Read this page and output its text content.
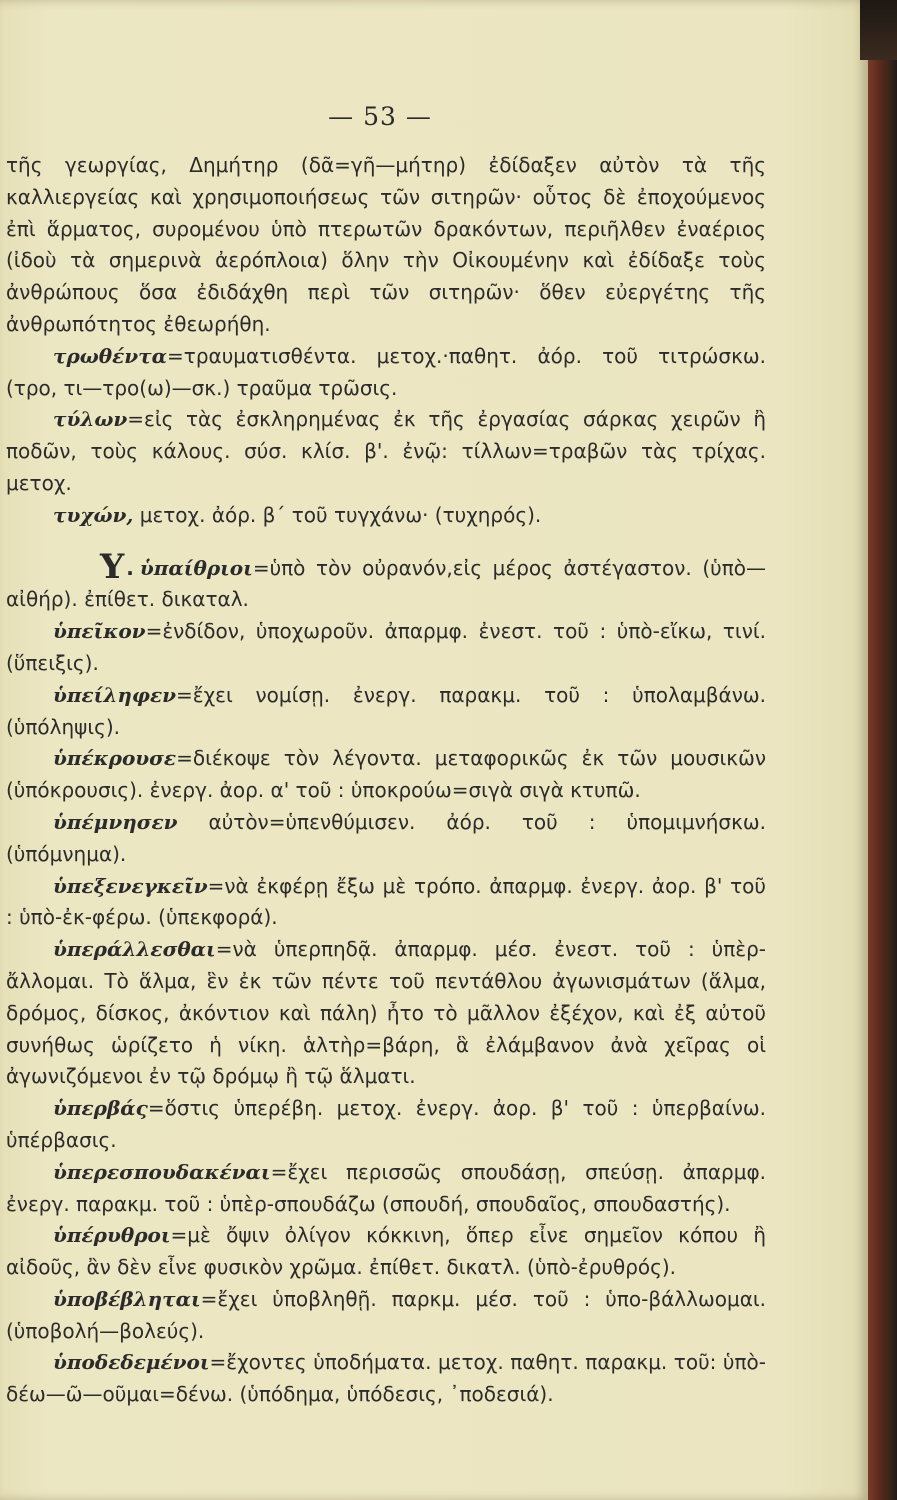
— 53 —

τῆς γεωργίας, Δημήτηρ (δᾶ=γῆ—μήτηρ) ἐδίδαξεν αὐτὸν τὰ τῆς καλλιεργείας καὶ χρησιμοποιήσεως τῶν σιτηρῶν· οὗτος δὲ ἐποχούμενος ἐπὶ ἅρματος, συρομένου ὑπὸ πτερωτῶν δρακόντων, περιῆλθεν ἐναέριος (ἰδοὺ τὰ σημερινὰ ἀερόπλοια) ὅλην τὴν Οἰκουμένην καὶ ἐδίδαξε τοὺς ἀνθρώπους ὅσα ἐδιδάχθη περὶ τῶν σιτηρῶν· ὅθεν εὐεργέτης τῆς ἀνθρωπότητος ἐθεωρήθη.

τρωθέντα=τραυματισθέντα. μετοχ.·παθητ. ἀόρ. τοῦ τιτρώσκω. (τρο, τι—τρο(ω)—σκ.) τραῦμα τρῶσις.

τύλων=εἰς τὰς ἐσκληρημένας ἐκ τῆς ἐργασίας σάρκας χειρῶν ἢ ποδῶν, τοὺς κάλους. σύσ. κλίσ. β'. ἐνῷ: τίλλων=τραβῶν τὰς τρίχας. μετοχ.

τυχών, μετοχ. ἀόρ. β´ τοῦ τυγχάνω· (τυχηρός).

Υ . ὑπαίθριοι=ὑπὸ τὸν οὐρανόν,εἰς μέρος ἀστέγαστον. (ὑπὸ—αἰθήρ). ἐπίθετ. δικαταλ.

ὑπεῖκον=ἐνδίδον, ὑποχωροῦν. ἀπαρμφ. ἐνεστ. τοῦ : ὑπὸ-εἴκω, τινί. (ὕπειξις).

ὑπείληφεν=ἔχει νομίσῃ. ἐνεργ. παρακμ. τοῦ : ὑπολαμβάνω. (ὑπόληψις).

ὑπέκρουσε=διέκοψε τὸν λέγοντα. μεταφορικῶς ἐκ τῶν μουσικῶν (ὑπόκρουσις). ἐνεργ. ἀορ. α' τοῦ : ὑποκρούω=σιγὰ σιγὰ κτυπῶ.

ὑπέμνησεν αὐτὸν=ὑπενθύμισεν. ἀόρ. τοῦ : ὑπομιμνήσκω. (ὑπόμνημα).

ὑπεξενεγκεῖν=νὰ ἐκφέρῃ ἔξω μὲ τρόπο. ἀπαρμφ. ἐνεργ. ἀορ. β' τοῦ : ὑπὸ-ἐκ-φέρω. (ὑπεκφορά).

ὑπεράλλεσθαι=νὰ ὑπερπηδᾷ. ἀπαρμφ. μέσ. ἐνεστ. τοῦ : ὑπὲρ-ἄλλομαι. Τὸ ἅλμα, ἓν ἐκ τῶν πέντε τοῦ πεντάθλου ἀγωνισμάτων (ἅλμα, δρόμος, δίσκος, ἀκόντιον καὶ πάλη) ἦτο τὸ μᾶλλον ἐξέχον, καὶ ἐξ αὐτοῦ συνήθως ὡρίζετο ἡ νίκη. ἁλτὴρ=βάρη, ἃ ἐλάμβανον ἀνὰ χεῖρας οἱ ἀγωνιζόμενοι ἐν τῷ δρόμῳ ἢ τῷ ἅλματι.

ὑπερβάς=ὅστις ὑπερέβη. μετοχ. ἐνεργ. ἀορ. β' τοῦ : ὑπερβαίνω. ὑπέρβασις.

ὑπερεσπουδακέναι=ἔχει περισσῶς σπουδάσῃ, σπεύσῃ. ἀπαρμφ. ἐνεργ. παρακμ. τοῦ : ὑπὲρ-σπουδάζω (σπουδή, σπουδαῖος, σπουδαστής).

ὑπέρυθροι=μὲ ὄψιν ὀλίγον κόκκινη, ὅπερ εἶνε σημεῖον κόπου ἢ αἰδοῦς, ἂν δὲν εἶνε φυσικὸν χρῶμα. ἐπίθετ. δικατλ. (ὑπὸ-ἐρυθρός).

ὑποβέβληται=ἔχει ὑποβληθῇ. παρκμ. μέσ. τοῦ : ὑπο-βάλλωομαι. (ὑποβολή—βολεύς).

ὑποδεδεμένοι=ἔχοντες ὑποδήματα. μετοχ. παθητ. παρακμ. τοῦ: ὑπὸ-δέω—ῶ—οῦμαι=δένω. (ὑπόδημα, ὑπόδεσις, ᾽ποδεσιά).
